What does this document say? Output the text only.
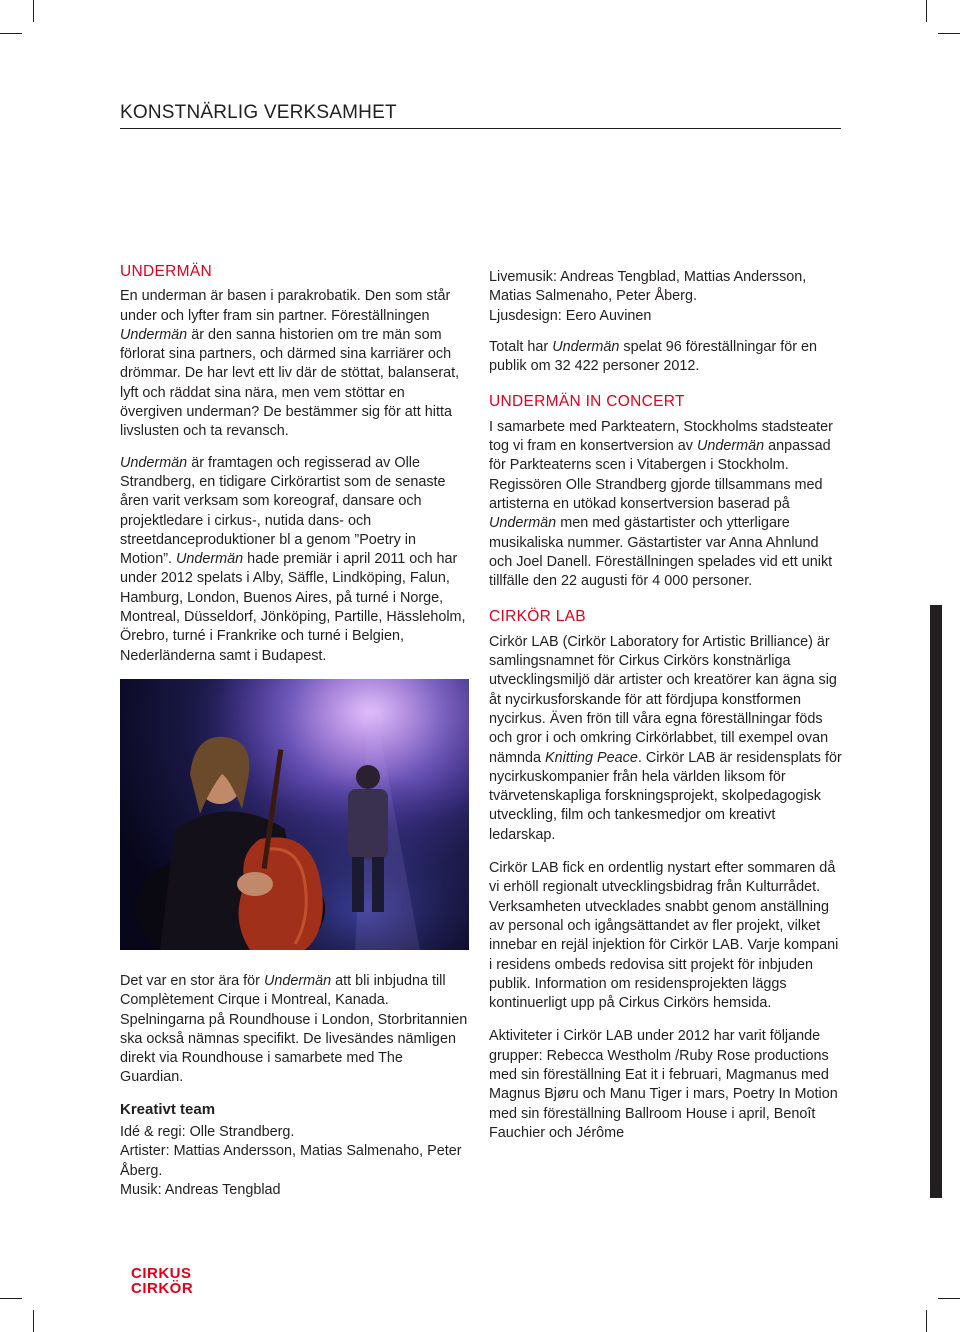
KONSTNÄRLIG VERKSAMHET
UNDERMÄN

En underman är basen i parakrobatik. Den som står under och lyfter fram sin partner. Föreställningen Undermän är den sanna historien om tre män som förlorat sina partners, och därmed sina karriärer och drömmar. De har levt ett liv där de stöttat, balanserat, lyft och räddat sina nära, men vem stöttar en övergiven underman? De bestämmer sig för att hitta livslusten och ta revansch.

Undermän är framtagen och regisserad av Olle Strandberg, en tidigare Cirkörartist som de senaste åren varit verksam som koreograf, dansare och projektledare i cirkus-, nutida dans- och streetdanceproduktioner bl a genom ”Poetry in Motion”. Undermän hade premiär i april 2011 och har under 2012 spelats i Alby, Säffle, Lindköping, Falun, Hamburg, London, Buenos Aires, på turné i Norge, Montreal, Düsseldorf, Jönköping, Partille, Hässleholm, Örebro, turné i Frankrike och turné i Belgien, Nederländerna samt i Budapest.

Det var en stor ära för Undermän att bli inbjudna till Complètement Cirque i Montreal, Kanada. Spelningarna på Roundhouse i London, Storbritannien ska också nämnas specifikt. De livesändes nämligen direkt via Roundhouse i samarbete med The Guardian.

Kreativt team
Idé & regi: Olle Strandberg.
Artister: Mattias Andersson, Matias Salmenaho, Peter Åberg.
Musik: Andreas Tengblad
Livemusik: Andreas Tengblad, Mattias Andersson, Matias Salmenaho, Peter Åberg.
Ljusdesign: Eero Auvinen

Totalt har Undermän spelat 96 föreställningar för en publik om 32 422 personer 2012.

UNDERMÄN IN CONCERT

I samarbete med Parkteatern, Stockholms stadsteater tog vi fram en konsertversion av Undermän anpassad för Parkteaterns scen i Vitabergen i Stockholm. Regissören Olle Strandberg gjorde tillsammans med artisterna en utökad konsertversion baserad på Undermän men med gästartister och ytterligare musikaliska nummer. Gästartister var Anna Ahnlund och Joel Danell. Föreställningen spelades vid ett unikt tillfälle den 22 augusti för 4 000 personer.

CIRKÖR LAB

Cirkör LAB (Cirkör Laboratory for Artistic Brilliance) är samlingsnamnet för Cirkus Cirkörs konstnärliga utvecklingsmiljö där artister och kreatörer kan ägna sig åt nycirkusforskande för att fördjupa konstformen nycirkus. Även frön till våra egna föreställningar föds och gror i och omkring Cirkörlabbet, till exempel ovan nämnda Knitting Peace. Cirkör LAB är residensplats för nycirkuskompanier från hela världen liksom för tvärvetenskapliga forskningsprojekt, skolpedagogisk utveckling, film och tankesmedjor om kreativt ledarskap.

Cirkör LAB fick en ordentlig nystart efter sommaren då vi erhöll regionalt utvecklingsbidrag från Kulturrådet. Verksamheten utvecklades snabbt genom anställning av personal och igångsättandet av fler projekt, vilket innebar en rejäl injektion för Cirkör LAB. Varje kompani i residens ombeds redovisa sitt projekt för inbjuden publik. Information om residensprojekten läggs kontinuerligt upp på Cirkus Cirkörs hemsida.

Aktiviteter i Cirkör LAB under 2012 har varit följande grupper: Rebecca Westholm /Ruby Rose productions med sin föreställning Eat it i februari, Magmanus med Magnus Bjøru och Manu Tiger i mars, Poetry In Motion med sin föreställning Ballroom House i april, Benoît Fauchier och Jérôme

CIRKUS
CIRKÖR
